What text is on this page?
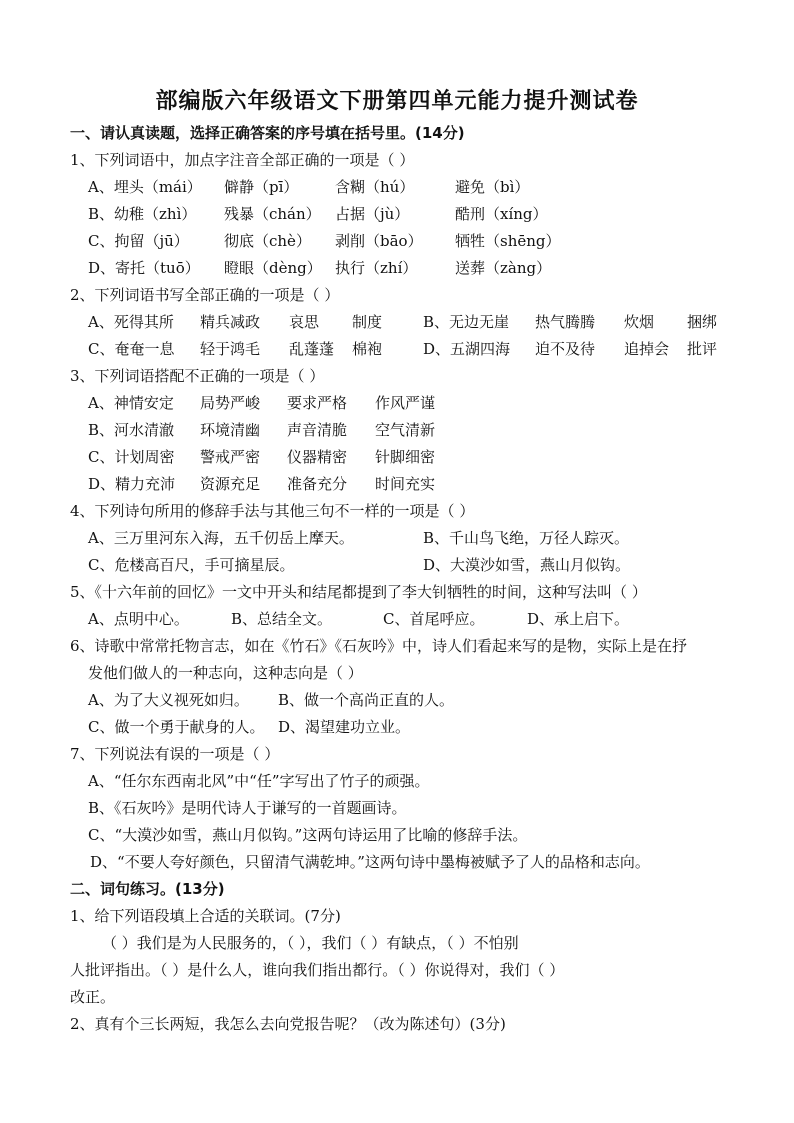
部编版六年级语文下册第四单元能力提升测试卷
一、请认真读题，选择正确答案的序号填在括号里。(14分)
1、下列词语中，加点字注音全部正确的一项是（ ）
A、埋头（mái） 僻静（pī） 含糊（hú）	避免（bì）
B、幼稚（zhì） 残暴（chán） 占据（jù）	酷刑（xíng）
C、拘留（jū） 彻底（chè） 剥削（bāo） 牺牲（shēng）
D、寄托（tuō） 瞪眼（dèng） 执行（zhí）	送葬（zàng）
2、下列词语书写全部正确的一项是（ ）
A、死得其所 精兵减政 哀思 制度	B、无边无崖 热气腾腾 炊烟 捆绑
C、奄奄一息 轻于鸿毛 乱蓬蓬 棉袍	D、五湖四海 迫不及待 追掉会 批评
3、下列词语搭配不正确的一项是（ ）
A、神情安定 局势严峻 要求严格 作风严谨
B、河水清澈 环境清幽 声音清脆 空气清新
C、计划周密 警戒严密 仪器精密 针脚细密
D、精力充沛 资源充足 准备充分 时间充实
4、下列诗句所用的修辞手法与其他三句不一样的一项是（ ）
A、三万里河东入海，五千仞岳上摩天。	B、千山鸟飞绝，万径人踪灭。
C、危楼高百尺，手可摘星辰。	D、大漠沙如雪，燕山月似钩。
5、《十六年前的回忆》一文中开头和结尾都提到了李大钊牺牲的时间，这种写法叫（ ）
A、点明中心。	B、总结全文。	C、首尾呼应。	D、承上启下。
6、诗歌中常常托物言志，如在《竹石》《石灰吟》中，诗人们看起来写的是物，实际上是在抒
发他们做人的一种志向，这种志向是（ ）
A、为了大义视死如归。 B、做一个高尚正直的人。
C、做一个勇于献身的人。 D、渴望建功立业。
7、下列说法有误的一项是（ ）
A、“任尔东西南北风”中“任”字写出了竹子的顽强。
B、《石灰吟》是明代诗人于谦写的一首题画诗。
C、“大漠沙如雪，燕山月似钩。”这两句诗运用了比喻的修辞手法。
D、“不要人夸好颜色，只留清气满乾坤。”这两句诗中墨梅被赋予了人的品格和志向。
二、词句练习。(13分)
1、给下列语段填上合适的关联词。(7分)
（ ）我们是为人民服务的，（ ），我们（ ）有缺点，（ ）不怕别
人批评指出。（ ）是什么人，谁向我们指出都行。（ ）你说得对，我们（ ）
改正。
2、真有个三长两短，我怎么去向党报告呢？（改为陈述句）(3分)
